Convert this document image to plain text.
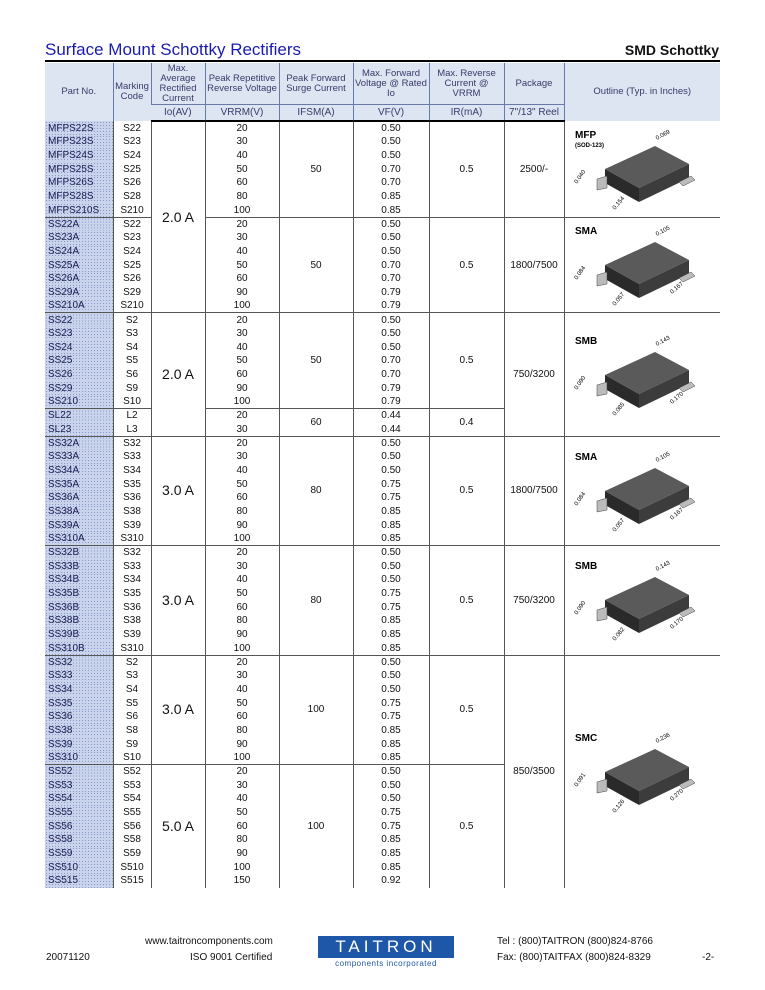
Surface Mount Schottky Rectifiers	SMD Schottky
Part No.	Marking Code	Max. Average Rectified Current	Peak Repetitive Reverse Voltage	Peak Forward Surge Current	Max. Forward Voltage @ Rated Io	Max. Reverse Current @ VRRM	Package	Outline (Typ. in Inches)
		Io(AV)	VRRM(V)	IFSM(A)	VF(V)	IR(mA)	7"/13" Reel	
MFPS22S	S22	2.0 A	20	50	0.50	0.5	2500/-	MFP
(SOD-123)
0.069
0.040
0.154

MFPS23S	S23		30		0.50			
MFPS24S	S24		40		0.50			
MFPS25S	S25		50		0.70			
MFPS26S	S26		60		0.70			
MFPS28S	S28		80		0.85			
MFPS210S	S210		100		0.85			
SS22A	S22		20	50	0.50	0.5	1800/7500	SMA 0.105
0.084
0.057
0.167

SS23A	S23		30		0.50			
SS24A	S24		40		0.50			
SS25A	S25		50		0.70			
SS26A	S26		60		0.70			
SS29A	S29		90		0.79			
SS210A	S210		100		0.79			
SS22	S2	2.0 A	20	50	0.50	0.5	750/3200	SMB 0.143
0.090
0.085
0.170

SS23	S3		30		0.50			
SS24	S4		40		0.50			
SS25	S5		50		0.70			
SS26	S6		60		0.70			
SS29	S9		90		0.79			
SS210	S10		100		0.79			
SL22	L2		20	60	0.44	0.4		
SL23	L3		30		0.44			
SS32A	S32	3.0 A	20	80	0.50	0.5	1800/7500	SMA 0.105
0.084
0.057
0.167

SS33A	S33		30		0.50			
SS34A	S34		40		0.50			
SS35A	S35		50		0.75			
SS36A	S36		60		0.75			
SS38A	S38		80		0.85			
SS39A	S39		90		0.85			
SS310A	S310		100		0.85			
SS32B	S32	3.0 A	20	80	0.50	0.5	750/3200	SMB 0.143
0.090
0.082
0.170

SS33B	S33		30		0.50			
SS34B	S34		40		0.50			
SS35B	S35		50		0.75			
SS36B	S36		60		0.75			
SS38B	S38		80		0.85			
SS39B	S39		90		0.85			
SS310B	S310		100		0.85			
SS32	S2	3.0 A	20	100	0.50	0.5	850/3500	SMC 0.236
0.091
0.126
0.270

SS33	S3		30		0.50			
SS34	S4		40		0.50			
SS35	S5		50		0.75			
SS36	S6		60		0.75			
SS38	S8		80		0.85			
SS39	S9		90		0.85			
SS310	S10		100		0.85			
SS52	S52	5.0 A	20	100	0.50	0.5		
SS53	S53		30		0.50			
SS54	S54		40		0.50			
SS55	S55		50		0.75			
SS56	S56		60		0.75			
SS58	S58		80		0.85			
SS59	S59		90		0.85			
SS510	S510		100		0.85			
SS515	S515		150		0.92			
20071120
www.taitroncomponents.com
ISO 9001 Certified
TAITRON
components incorporated
Tel : (800)TAITRON (800)824-8766
Fax: (800)TAITFAX (800)824-8329	-2-
